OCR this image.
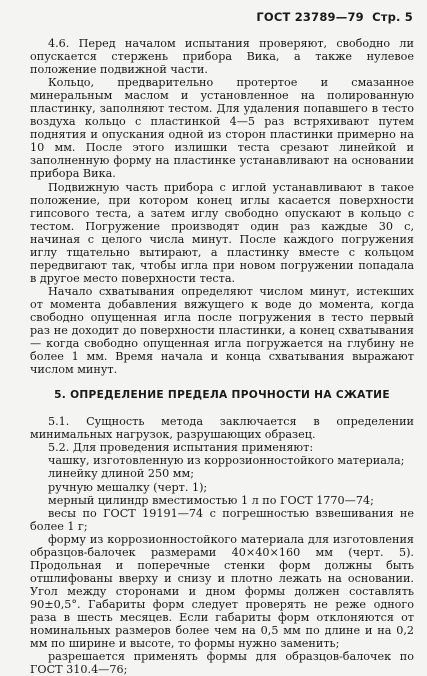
ГОСТ 23789—79 Стр. 5

4.6. Перед началом испытания проверяют, свободно ли опускается стержень прибора Вика, а также нулевое положение подвижной части.

Кольцо, предварительно протертое и смазанное минеральным маслом и установленное на полированную пластинку, заполняют тестом. Для удаления попавшего в тесто воздуха кольцо с пластинкой 4—5 раз встряхивают путем поднятия и опускания одной из сторон пластинки примерно на 10 мм. После этого излишки теста срезают линейкой и заполненную форму на пластинке устанавливают на основании прибора Вика.

Подвижную часть прибора с иглой устанавливают в такое положение, при котором конец иглы касается поверхности гипсового теста, а затем иглу свободно опускают в кольцо с тестом. Погружение производят один раз каждые 30 с, начиная с целого числа минут. После каждого погружения иглу тщательно вытирают, а пластинку вместе с кольцом передвигают так, чтобы игла при новом погружении попадала в другое место поверхности теста.

Начало схватывания определяют числом минут, истекших от момента добавления вяжущего к воде до момента, когда свободно опущенная игла после погружения в тесто первый раз не доходит до поверхности пластинки, а конец схватывания — когда свободно опущенная игла погружается на глубину не более 1 мм. Время начала и конца схватывания выражают числом минут.

5. ОПРЕДЕЛЕНИЕ ПРЕДЕЛА ПРОЧНОСТИ НА СЖАТИЕ

5.1. Сущность метода заключается в определении минимальных нагрузок, разрушающих образец.

5.2. Для проведения испытания применяют:

чашку, изготовленную из коррозионностойкого материала;

линейку длиной 250 мм;

ручную мешалку (черт. 1);

мерный цилиндр вместимостью 1 л по ГОСТ 1770—74;

весы по ГОСТ 19191—74 с погрешностью взвешивания не более 1 г;

форму из коррозионностойкого материала для изготовления образцов-балочек размерами 40×40×160 мм (черт. 5). Продольная и поперечные стенки форм должны быть отшлифованы вверху и снизу и плотно лежать на основании. Угол между сторонами и дном формы должен составлять 90±0,5°. Габариты форм следует проверять не реже одного раза в шесть месяцев. Если габариты форм отклоняются от номинальных размеров более чем на 0,5 мм по длине и на 0,2 мм по ширине и высоте, то формы нужно заменить;

разрешается применять формы для образцов-балочек по ГОСТ 310.4—76;
